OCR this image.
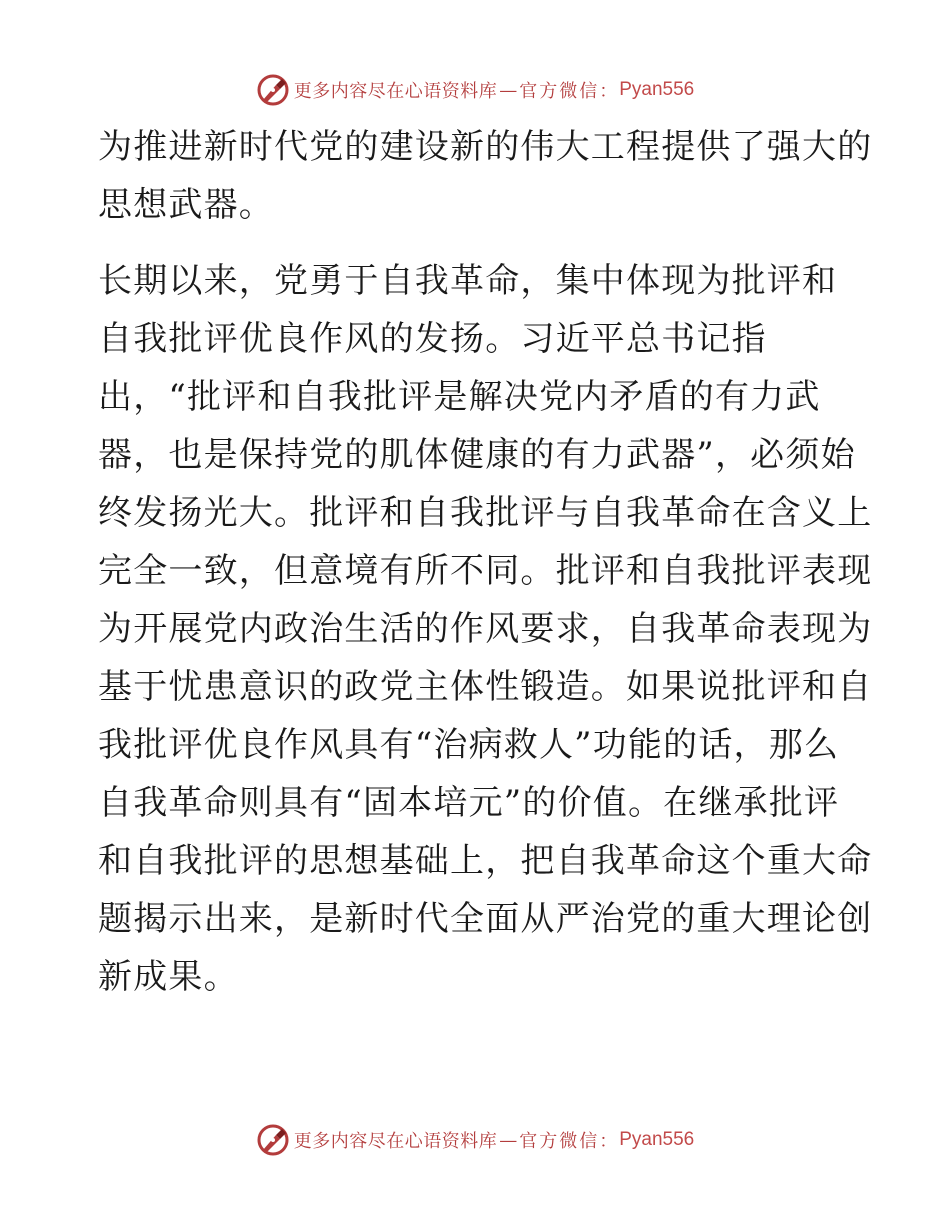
更多内容尽在心语资料库 — 官方微信： Pyan556
为推进新时代党的建设新的伟大工程提供了强大的
思想武器。
长期以来，党勇于自我革命，集中体现为批评和
自我批评优良作风的发扬。习近平总书记指
出，“批评和自我批评是解决党内矛盾的有力武
器，也是保持党的肌体健康的有力武器”，必须始
终发扬光大。批评和自我批评与自我革命在含义上
完全一致，但意境有所不同。批评和自我批评表现
为开展党内政治生活的作风要求，自我革命表现为
基于忧患意识的政党主体性锻造。如果说批评和自
我批评优良作风具有“治病救人”功能的话，那么
自我革命则具有“固本培元”的价值。在继承批评
和自我批评的思想基础上，把自我革命这个重大命
题揭示出来，是新时代全面从严治党的重大理论创
新成果。
更多内容尽在心语资料库 — 官方微信： Pyan556
